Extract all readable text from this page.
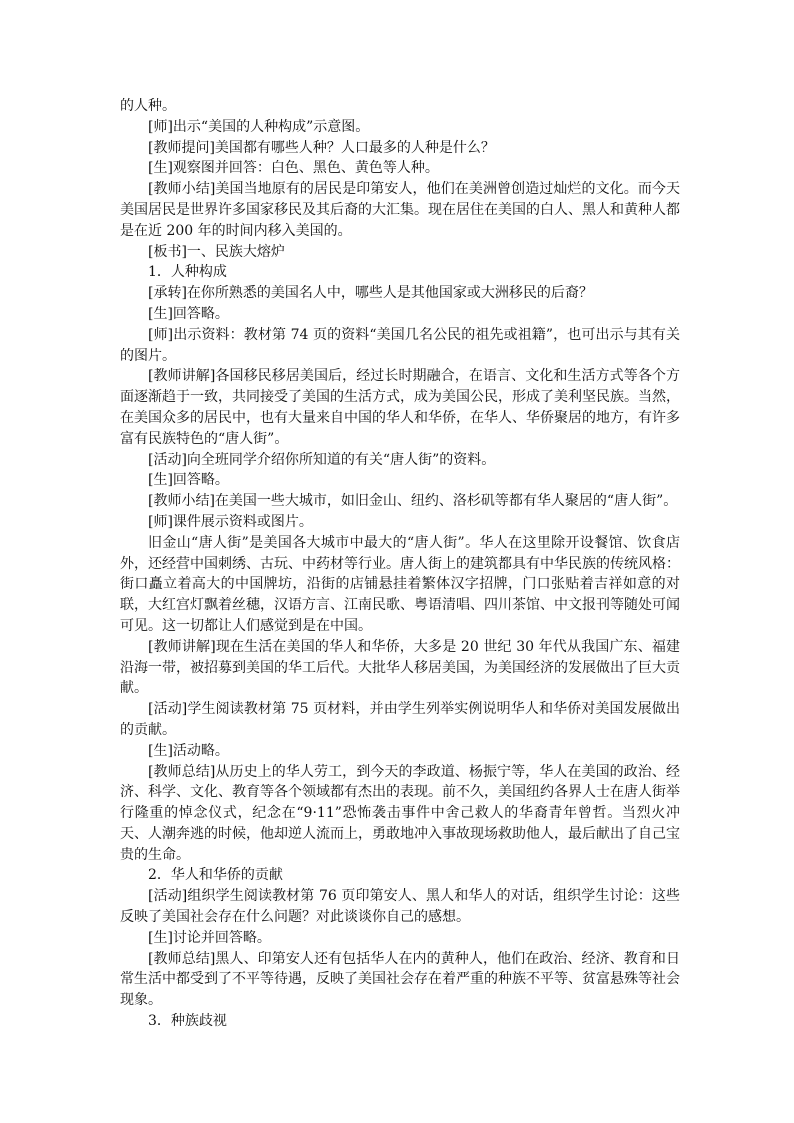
的人种。

[师]出示“美国的人种构成”示意图。

[教师提问]美国都有哪些人种？人口最多的人种是什么？

[生]观察图并回答：白色、黑色、黄色等人种。

[教师小结]美国当地原有的居民是印第安人，他们在美洲曾创造过灿烂的文化。而今天美国居民是世界许多国家移民及其后裔的大汇集。现在居住在美国的白人、黑人和黄种人都是在近 200 年的时间内移入美国的。

[板书]一、民族大熔炉

1．人种构成

[承转]在你所熟悉的美国名人中，哪些人是其他国家或大洲移民的后裔？

[生]回答略。

[师]出示资料：教材第 74 页的资料“美国几名公民的祖先或祖籍”，也可出示与其有关的图片。

[教师讲解]各国移民移居美国后，经过长时期融合，在语言、文化和生活方式等各个方面逐渐趋于一致，共同接受了美国的生活方式，成为美国公民，形成了美利坚民族。当然，在美国众多的居民中，也有大量来自中国的华人和华侨，在华人、华侨聚居的地方，有许多富有民族特色的“唐人街”。

[活动]向全班同学介绍你所知道的有关“唐人街”的资料。

[生]回答略。

[教师小结]在美国一些大城市，如旧金山、纽约、洛杉矶等都有华人聚居的“唐人街”。

[师]课件展示资料或图片。

旧金山“唐人街”是美国各大城市中最大的“唐人街”。华人在这里除开设餐馆、饮食店外，还经营中国刺绣、古玩、中药材等行业。唐人街上的建筑都具有中华民族的传统风格：街口矗立着高大的中国牌坊，沿街的店铺悬挂着繁体汉字招牌，门口张贴着吉祥如意的对联，大红宫灯飘着丝穗，汉语方言、江南民歌、粤语清唱、四川茶馆、中文报刊等随处可闻可见。这一切都让人们感觉到是在中国。

[教师讲解]现在生活在美国的华人和华侨，大多是 20 世纪 30 年代从我国广东、福建沿海一带，被招募到美国的华工后代。大批华人移居美国，为美国经济的发展做出了巨大贡献。

[活动]学生阅读教材第 75 页材料，并由学生列举实例说明华人和华侨对美国发展做出的贡献。

[生]活动略。

[教师总结]从历史上的华人劳工，到今天的李政道、杨振宁等，华人在美国的政治、经济、科学、文化、教育等各个领域都有杰出的表现。前不久，美国纽约各界人士在唐人街举行隆重的悼念仪式，纪念在“9·11”恐怖袭击事件中舍己救人的华裔青年曾哲。当烈火冲天、人潮奔逃的时候，他却逆人流而上，勇敢地冲入事故现场救助他人，最后献出了自己宝贵的生命。

2．华人和华侨的贡献

[活动]组织学生阅读教材第 76 页印第安人、黑人和华人的对话，组织学生讨论：这些反映了美国社会存在什么问题？对此谈谈你自己的感想。

[生]讨论并回答略。

[教师总结]黑人、印第安人还有包括华人在内的黄种人，他们在政治、经济、教育和日常生活中都受到了不平等待遇，反映了美国社会存在着严重的种族不平等、贫富悬殊等社会现象。

3．种族歧视
